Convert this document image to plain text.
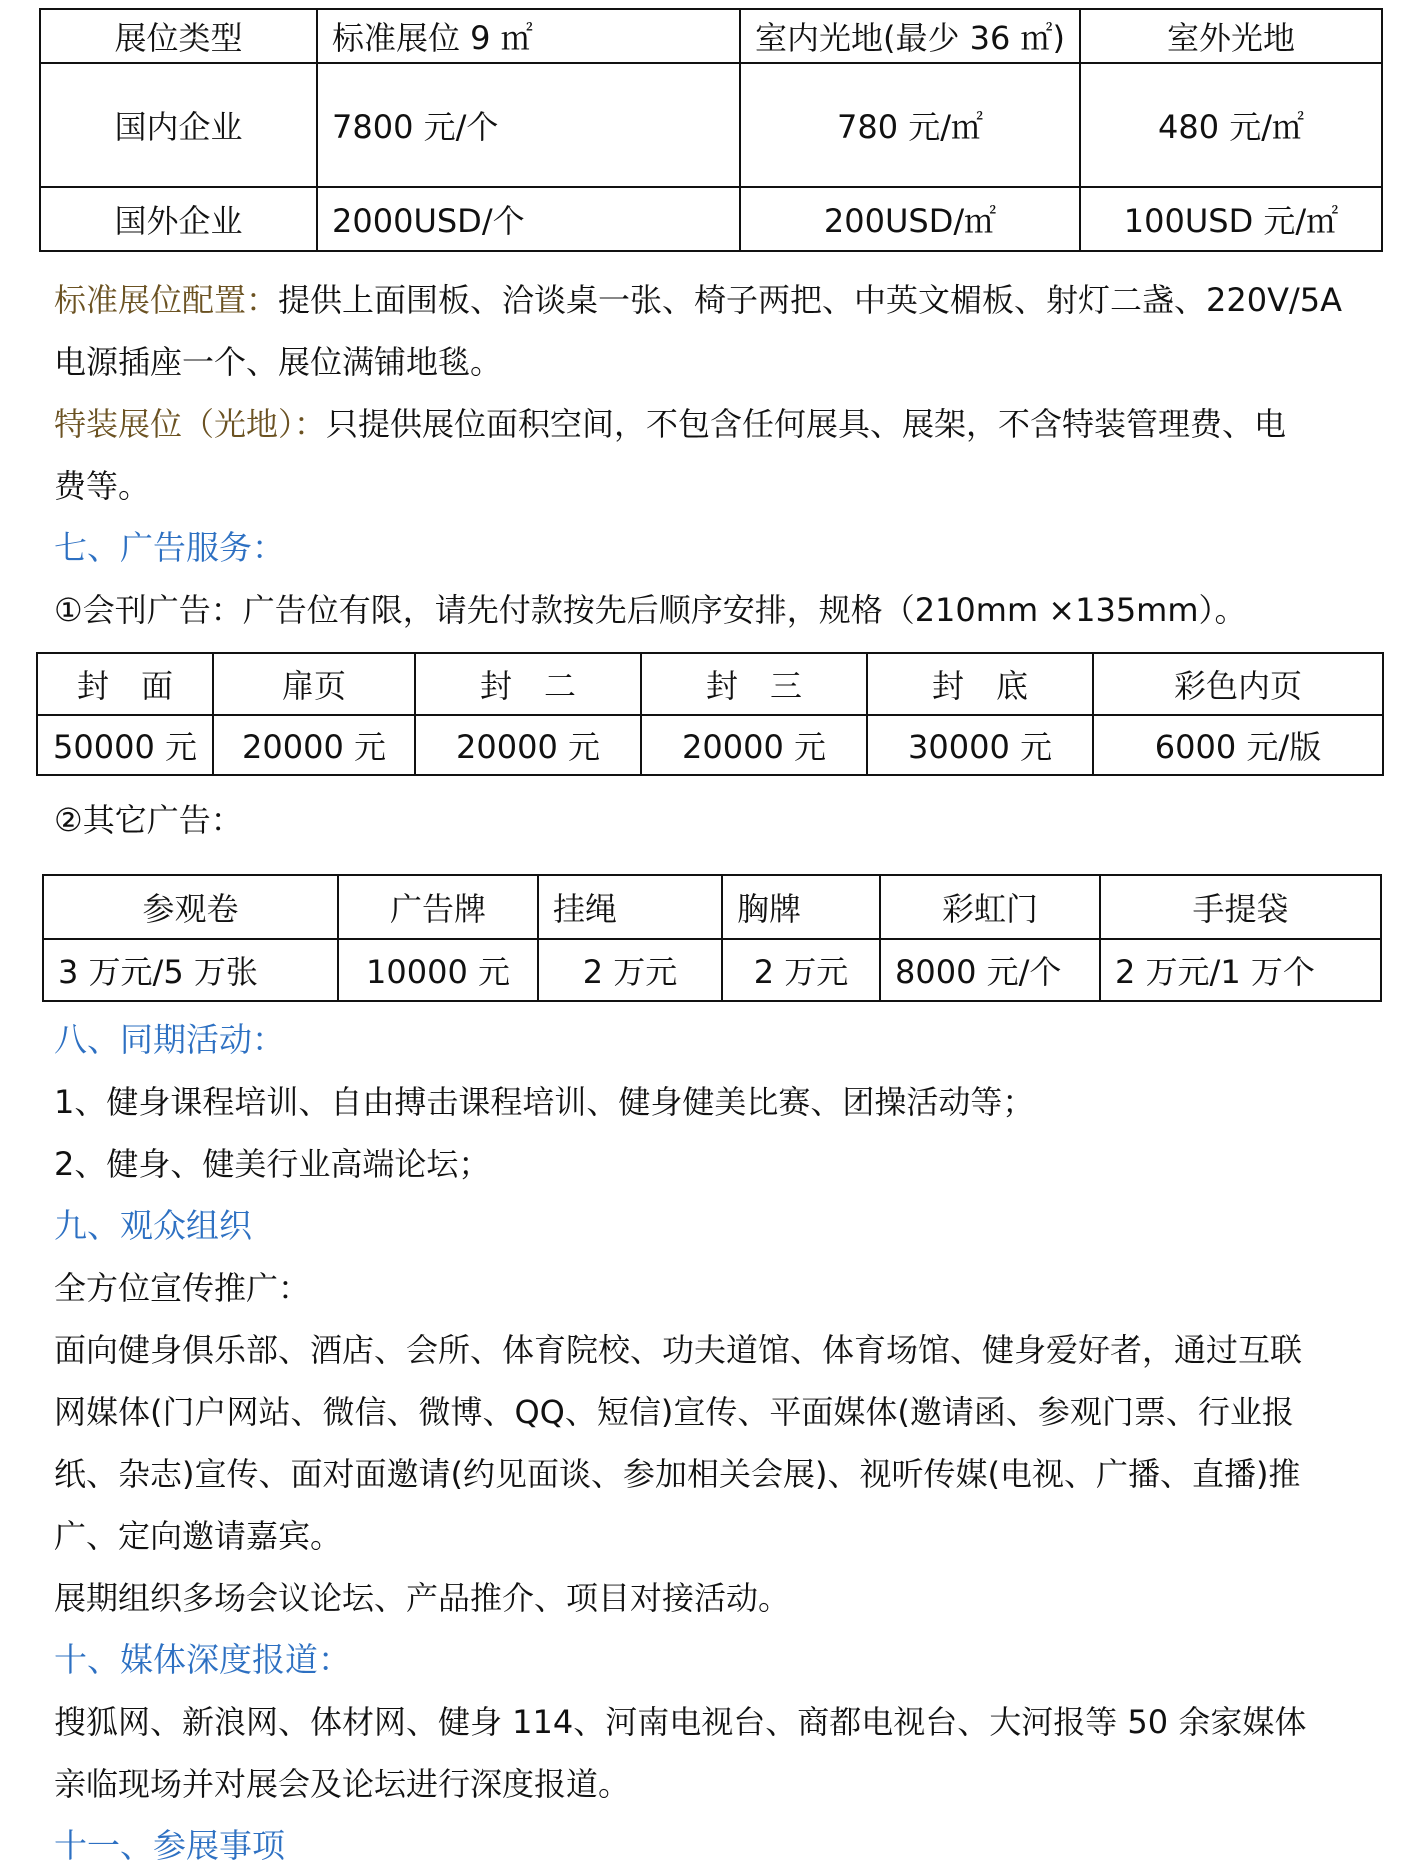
展位类型	标准展位 9 ㎡	室内光地(最少 36 ㎡)	室外光地
国内企业	7800 元/个	780 元/㎡	480 元/㎡
国外企业	2000USD/个	200USD/㎡	100USD 元/㎡
标准展位配置：提供上面围板、洽谈桌一张、椅子两把、中英文楣板、射灯二盏、220V/5A
电源插座一个、展位满铺地毯。
特装展位（光地）：只提供展位面积空间，不包含任何展具、展架，不含特装管理费、电
费等。
七、广告服务：
①会刊广告：广告位有限，请先付款按先后顺序安排，规格（210mm ×135mm）。
封　面	扉页	封　二	封　三	封　底	彩色内页
50000 元	20000 元	20000 元	20000 元	30000 元	6000 元/版
②其它广告：
参观卷	广告牌	挂绳	胸牌	彩虹门	手提袋
3 万元/5 万张	10000 元	2 万元	2 万元	8000 元/个	2 万元/1 万个
八、同期活动：
1、健身课程培训、自由搏击课程培训、健身健美比赛、团操活动等；
2、健身、健美行业高端论坛；
九、观众组织
全方位宣传推广：
面向健身俱乐部、酒店、会所、体育院校、功夫道馆、体育场馆、健身爱好者，通过互联
网媒体(门户网站、微信、微博、QQ、短信)宣传、平面媒体(邀请函、参观门票、行业报
纸、杂志)宣传、面对面邀请(约见面谈、参加相关会展)、视听传媒(电视、广播、直播)推
广、定向邀请嘉宾。
展期组织多场会议论坛、产品推介、项目对接活动。
十、媒体深度报道：
搜狐网、新浪网、体材网、健身 114、河南电视台、商都电视台、大河报等 50 余家媒体
亲临现场并对展会及论坛进行深度报道。
十一、参展事项
